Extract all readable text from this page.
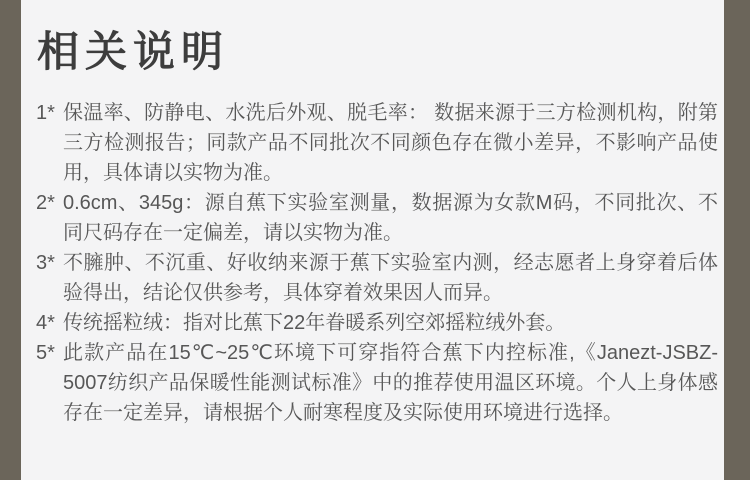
相关说明
1* 保温率、防静电、水洗后外观、脱毛率： 数据来源于三方检测机构，附第三方检测报告；同款产品不同批次不同颜色存在微小差异，不影响产品使用，具体请以实物为准。
2* 0.6cm、345g：源自蕉下实验室测量，数据源为女款M码，不同批次、不同尺码存在一定偏差，请以实物为准。
3* 不臃肿、不沉重、好收纳来源于蕉下实验室内测，经志愿者上身穿着后体验得出，结论仅供参考，具体穿着效果因人而异。
4* 传统摇粒绒：指对比蕉下22年眷暖系列空郊摇粒绒外套。
5* 此款产品在15℃~25℃环境下可穿指符合蕉下内控标准,《Janezt-JSBZ-5007纺织产品保暖性能测试标准》中的推荐使用温区环境。个人上身体感存在一定差异，请根据个人耐寒程度及实际使用环境进行选择。
